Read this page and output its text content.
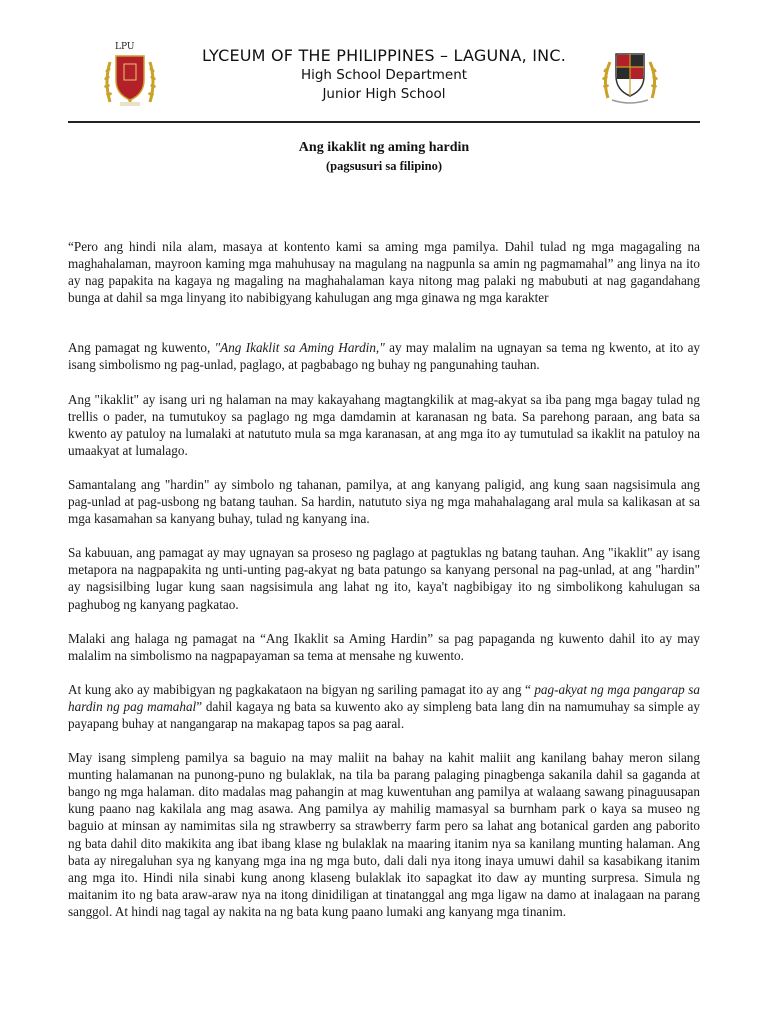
LPU	LYCEUM OF THE PHILIPPINES – LAGUNA, INC.
High School Department
Junior High School
Ang ikaklit ng aming hardin
(pagsusuri sa filipino)

“Pero ang hindi nila alam, masaya at kontento kami sa aming mga pamilya. Dahil tulad ng mga magagaling na maghahalaman, mayroon kaming mga mahuhusay na magulang na nagpunla sa amin ng pagmamahal” ang linya na ito ay nag papakita na kagaya ng magaling na maghahalaman kaya nitong mag palaki ng mabubuti at nag gagandahang bunga at dahil sa mga linyang ito nabibigyang kahulugan ang mga ginawa ng mga karakter

Ang pamagat ng kuwento, "Ang Ikaklit sa Aming Hardin," ay may malalim na ugnayan sa tema ng kwento, at ito ay isang simbolismo ng pag-unlad, paglago, at pagbabago ng buhay ng pangunahing tauhan.

Ang "ikaklit" ay isang uri ng halaman na may kakayahang magtangkilik at mag-akyat sa iba pang mga bagay tulad ng trellis o pader, na tumutukoy sa paglago ng mga damdamin at karanasan ng bata. Sa parehong paraan, ang bata sa kwento ay patuloy na lumalaki at natututo mula sa mga karanasan, at ang mga ito ay tumutulad sa ikaklit na patuloy na umaakyat at lumalago.

Samantalang ang "hardin" ay simbolo ng tahanan, pamilya, at ang kanyang paligid, ang kung saan nagsisimula ang pag-unlad at pag-usbong ng batang tauhan. Sa hardin, natututo siya ng mga mahahalagang aral mula sa kalikasan at sa mga kasamahan sa kanyang buhay, tulad ng kanyang ina.

Sa kabuuan, ang pamagat ay may ugnayan sa proseso ng paglago at pagtuklas ng batang tauhan. Ang "ikaklit" ay isang metapora na nagpapakita ng unti-unting pag-akyat ng bata patungo sa kanyang personal na pag-unlad, at ang "hardin" ay nagsisilbing lugar kung saan nagsisimula ang lahat ng ito, kaya't nagbibigay ito ng simbolikong kahulugan sa paghubog ng kanyang pagkatao.

Malaki ang halaga ng pamagat na “Ang Ikaklit sa Aming Hardin” sa pag papaganda ng kuwento dahil ito ay may malalim na simbolismo na nagpapayaman sa tema at mensahe ng kuwento.

At kung ako ay mabibigyan ng pagkakataon na bigyan ng sariling pamagat ito ay ang “ pag-akyat ng mga pangarap sa hardin ng pag mamahal” dahil kagaya ng bata sa kuwento ako ay simpleng bata lang din na namumuhay sa simple ay payapang buhay at nangangarap na makapag tapos sa pag aaral.

May isang simpleng pamilya sa baguio na may maliit na bahay na kahit maliit ang kanilang bahay meron silang munting halamanan na punong-puno ng bulaklak, na tila ba parang palaging pinagbenga sakanila dahil sa gaganda at bango ng mga halaman. dito madalas mag pahangin at mag kuwentuhan ang pamilya at walaang sawang pinaguusapan kung paano nag kakilala ang mag asawa. Ang pamilya ay mahilig mamasyal sa burnham park o kaya sa museo ng baguio at minsan ay namimitas sila ng strawberry sa strawberry farm pero sa lahat ang botanical garden ang paborito ng bata dahil dito makikita ang ibat ibang klase ng bulaklak na maaring itanim nya sa kanilang munting halaman. Ang bata ay niregaluhan sya ng kanyang mga ina ng mga buto, dali dali nya itong inaya umuwi dahil sa kasabikang itanim ang mga ito. Hindi nila sinabi kung anong klaseng bulaklak ito sapagkat ito daw ay munting surpresa. Simula ng maitanim ito ng bata araw-araw nya na itong dinidiligan at tinatanggal ang mga ligaw na damo at inalagaan na parang sanggol. At hindi nag tagal ay nakita na ng bata kung paano lumaki ang kanyang mga tinanim.
